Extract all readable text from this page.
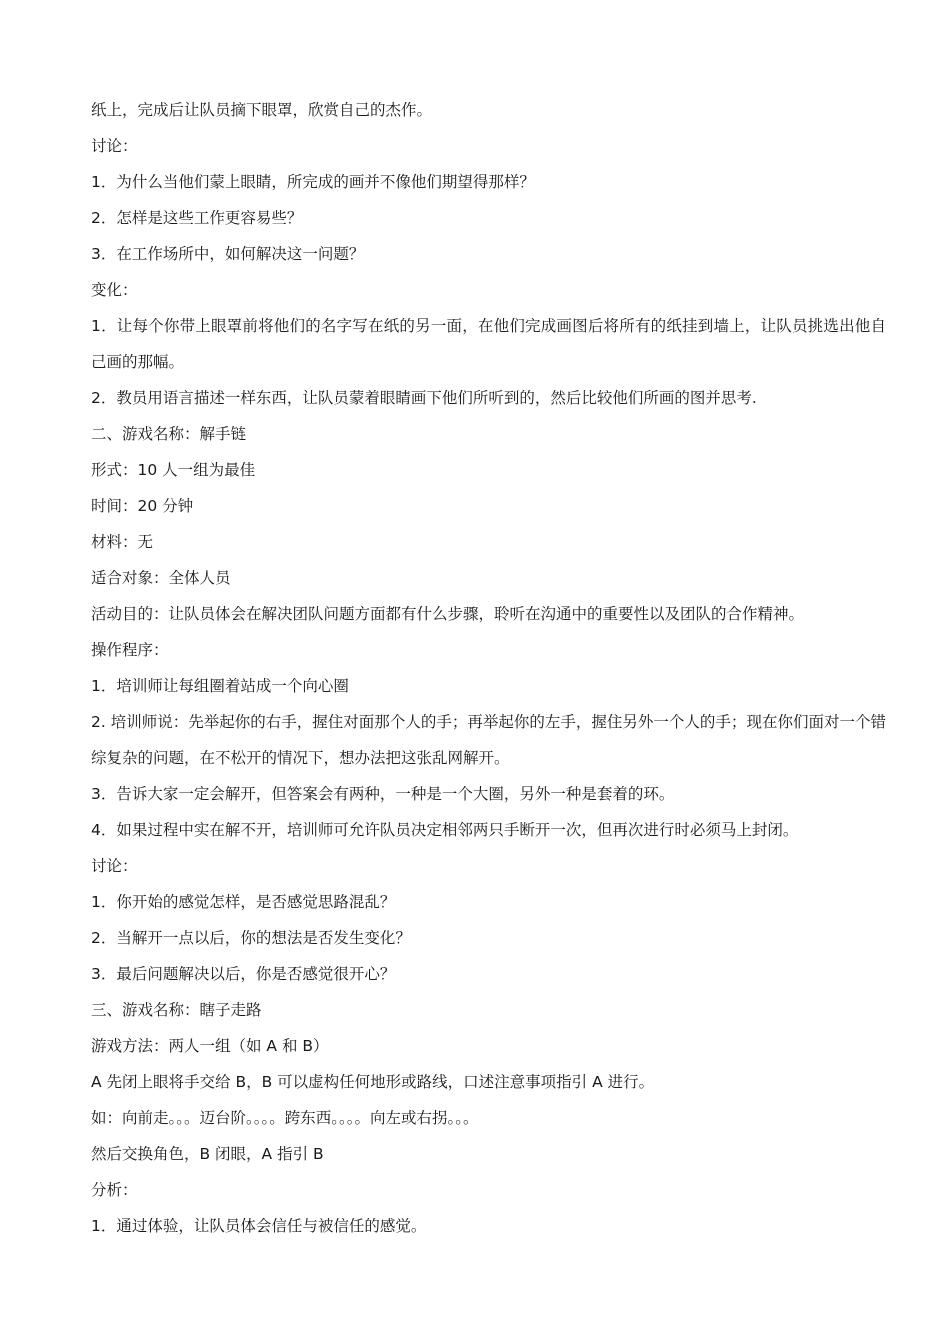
纸上，完成后让队员摘下眼罩，欣赏自己的杰作。
讨论：
1．为什么当他们蒙上眼睛，所完成的画并不像他们期望得那样？
2．怎样是这些工作更容易些？
3．在工作场所中，如何解决这一问题？
变化：
1．让每个你带上眼罩前将他们的名字写在纸的另一面，在他们完成画图后将所有的纸挂到墙上，让队员挑选出他自己画的那幅。
2．教员用语言描述一样东西，让队员蒙着眼睛画下他们所听到的，然后比较他们所画的图并思考.
二、游戏名称：解手链
形式：10 人一组为最佳
时间：20 分钟
材料：无
适合对象：全体人员
活动目的：让队员体会在解决团队问题方面都有什么步骤，聆听在沟通中的重要性以及团队的合作精神。
操作程序：
1．培训师让每组圈着站成一个向心圈
2. 培训师说：先举起你的右手，握住对面那个人的手；再举起你的左手，握住另外一个人的手；现在你们面对一个错综复杂的问题，在不松开的情况下，想办法把这张乱网解开。
3．告诉大家一定会解开，但答案会有两种，一种是一个大圈，另外一种是套着的环。
4．如果过程中实在解不开，培训师可允许队员决定相邻两只手断开一次，但再次进行时必须马上封闭。
讨论：
1．你开始的感觉怎样，是否感觉思路混乱？
2．当解开一点以后，你的想法是否发生变化？
3．最后问题解决以后，你是否感觉很开心？
三、游戏名称：瞎子走路
游戏方法：两人一组（如 A 和 B）
A 先闭上眼将手交给 B，B 可以虚构任何地形或路线，口述注意事项指引 A 进行。
如：向前走。。。迈台阶。。。。跨东西。。。。向左或右拐。。。
然后交换角色，B 闭眼，A 指引 B
分析：
1．通过体验，让队员体会信任与被信任的感觉。
